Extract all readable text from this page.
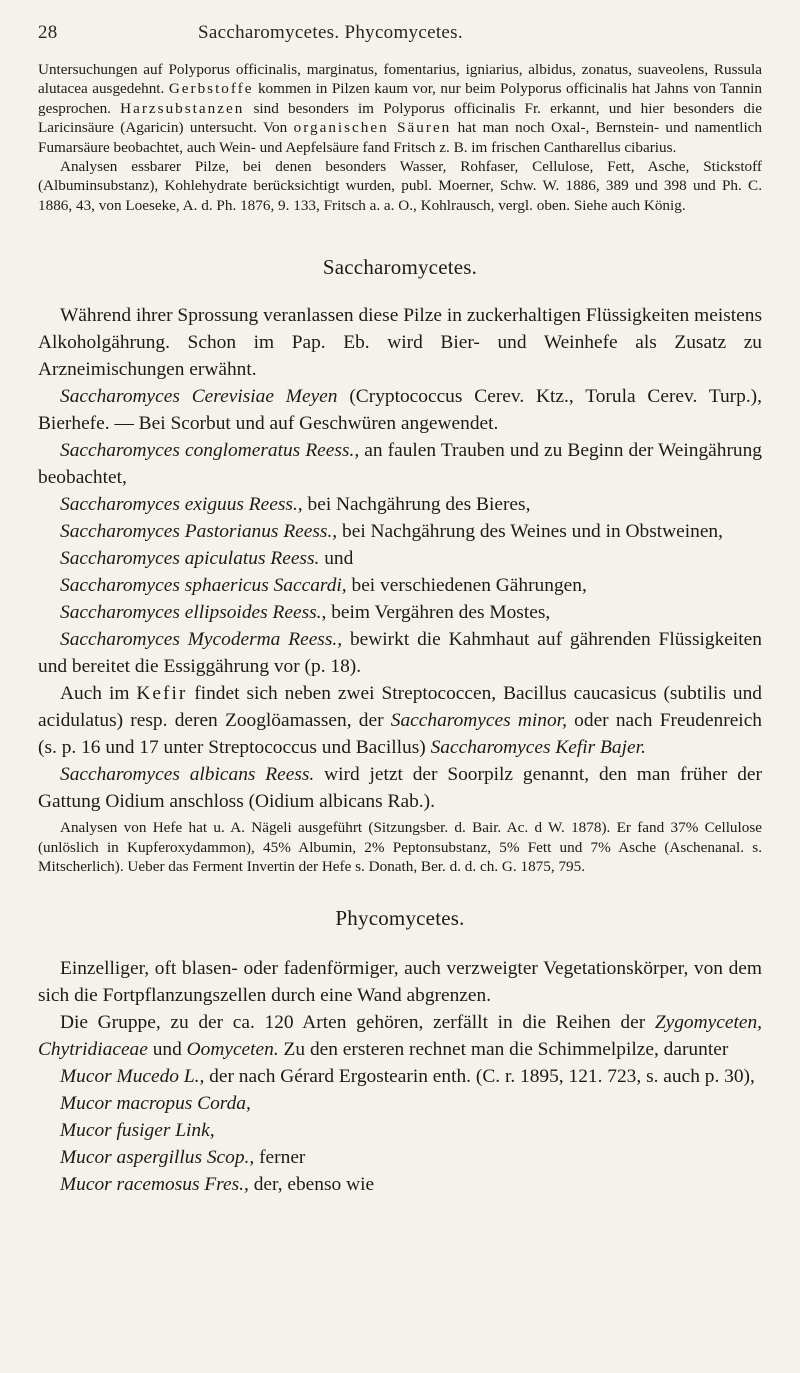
28	Saccharomycetes. Phycomycetes.

Untersuchungen auf Polyporus officinalis, marginatus, fomentarius, igniarius, albidus, zonatus, suaveolens, Russula alutacea ausgedehnt. Gerbstoffe kommen in Pilzen kaum vor, nur beim Polyporus officinalis hat Jahns von Tannin gesprochen. Harzsubstanzen sind besonders im Polyporus officinalis Fr. erkannt, und hier besonders die Laricinsäure (Agaricin) untersucht. Von organischen Säuren hat man noch Oxal-, Bernstein- und namentlich Fumarsäure beobachtet, auch Wein- und Aepfelsäure fand Fritsch z. B. im frischen Cantharellus cibarius.

Analysen essbarer Pilze, bei denen besonders Wasser, Rohfaser, Cellulose, Fett, Asche, Stickstoff (Albuminsubstanz), Kohlehydrate berücksichtigt wurden, publ. Moerner, Schw. W. 1886, 389 und 398 und Ph. C. 1886, 43, von Loeseke, A. d. Ph. 1876, 9. 133, Fritsch a. a. O., Kohlrausch, vergl. oben. Siehe auch König.

Saccharomycetes.

Während ihrer Sprossung veranlassen diese Pilze in zuckerhaltigen Flüssigkeiten meistens Alkoholgährung. Schon im Pap. Eb. wird Bier- und Weinhefe als Zusatz zu Arzneimischungen erwähnt.

Saccharomyces Cerevisiae Meyen (Cryptococcus Cerev. Ktz., Torula Cerev. Turp.), Bierhefe. — Bei Scorbut und auf Geschwüren angewendet.

Saccharomyces conglomeratus Reess., an faulen Trauben und zu Beginn der Weingährung beobachtet,

Saccharomyces exiguus Reess., bei Nachgährung des Bieres,

Saccharomyces Pastorianus Reess., bei Nachgährung des Weines und in Obstweinen,

Saccharomyces apiculatus Reess. und

Saccharomyces sphaericus Saccardi, bei verschiedenen Gährungen,

Saccharomyces ellipsoides Reess., beim Vergähren des Mostes,

Saccharomyces Mycoderma Reess., bewirkt die Kahmhaut auf gährenden Flüssigkeiten und bereitet die Essiggährung vor (p. 18).

Auch im Kefir findet sich neben zwei Streptococcen, Bacillus caucasicus (subtilis und acidulatus) resp. deren Zooglöamassen, der Saccharomyces minor, oder nach Freudenreich (s. p. 16 und 17 unter Streptococcus und Bacillus) Saccharomyces Kefir Bajer.

Saccharomyces albicans Reess. wird jetzt der Soorpilz genannt, den man früher der Gattung Oidium anschloss (Oidium albicans Rab.).

Analysen von Hefe hat u. A. Nägeli ausgeführt (Sitzungsber. d. Bair. Ac. d W. 1878). Er fand 37% Cellulose (unlöslich in Kupferoxydammon), 45% Albumin, 2% Peptonsubstanz, 5% Fett und 7% Asche (Aschenanal. s. Mitscherlich). Ueber das Ferment Invertin der Hefe s. Donath, Ber. d. d. ch. G. 1875, 795.

Phycomycetes.

Einzelliger, oft blasen- oder fadenförmiger, auch verzweigter Vegetationskörper, von dem sich die Fortpflanzungszellen durch eine Wand abgrenzen.

Die Gruppe, zu der ca. 120 Arten gehören, zerfällt in die Reihen der Zygomyceten, Chytridiaceae und Oomyceten. Zu den ersteren rechnet man die Schimmelpilze, darunter

Mucor Mucedo L., der nach Gérard Ergostearin enth. (C. r. 1895, 121. 723, s. auch p. 30),

Mucor macropus Corda,

Mucor fusiger Link,

Mucor aspergillus Scop., ferner

Mucor racemosus Fres., der, ebenso wie
